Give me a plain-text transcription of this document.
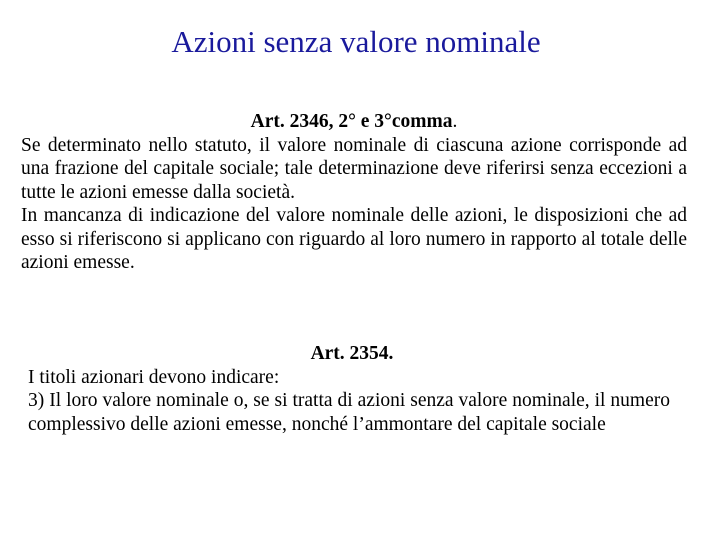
Azioni senza valore nominale

Art. 2346, 2° e 3°comma.

Se determinato nello statuto, il valore nominale di ciascuna azione corrisponde ad una frazione del capitale sociale; tale determinazione deve riferirsi senza eccezioni a tutte le azioni emesse dalla società.

In mancanza di indicazione del valore nominale delle azioni, le disposizioni che ad esso si riferiscono si applicano con riguardo al loro numero in rapporto al totale delle azioni emesse.

Art. 2354.

I titoli azionari devono indicare:

3) Il loro valore nominale o, se si tratta di azioni senza valore nominale, il numero complessivo delle azioni emesse, nonché l’ammontare del capitale sociale
